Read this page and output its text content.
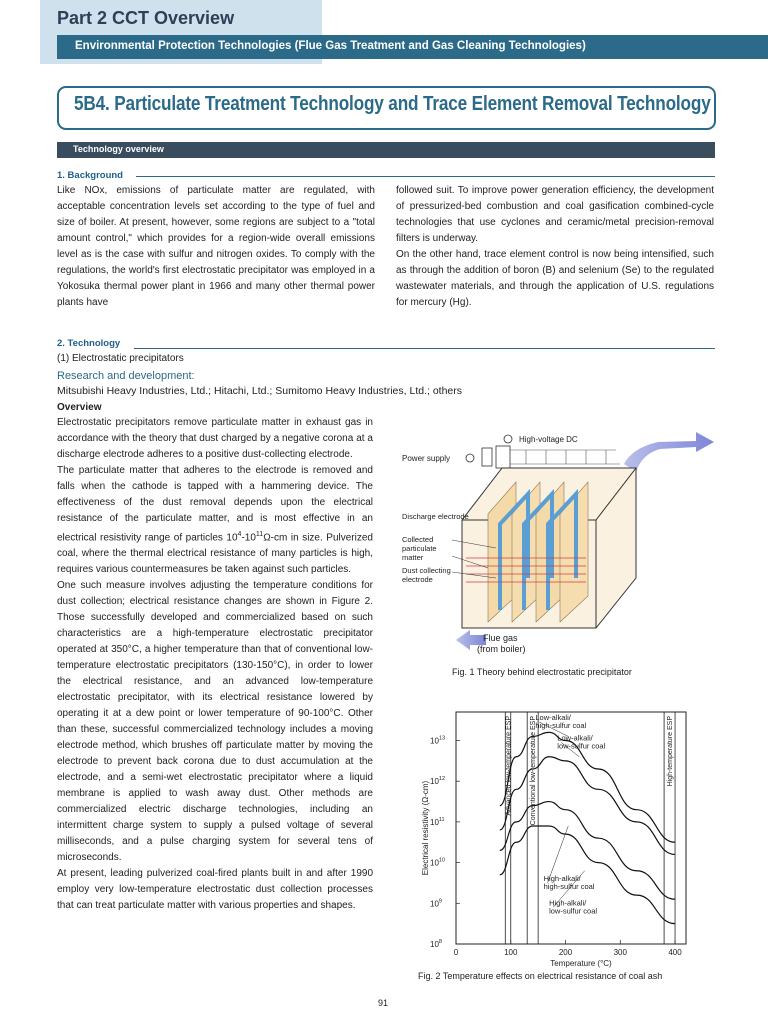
Part 2 CCT Overview
Environmental Protection Technologies (Flue Gas Treatment and Gas Cleaning Technologies)
5B4. Particulate Treatment Technology and Trace Element Removal Technology
Technology overview
1. Background

Like NOx, emissions of particulate matter are regulated, with acceptable concentration levels set according to the type of fuel and size of boiler. At present, however, some regions are subject to a "total amount control," which provides for a region-wide overall emissions level as is the case with sulfur and nitrogen oxides. To comply with the regulations, the world's first electrostatic precipitator was employed in a Yokosuka thermal power plant in 1966 and many other thermal power plants have

followed suit. To improve power generation efficiency, the development of pressurized-bed combustion and coal gasification combined-cycle technologies that use cyclones and ceramic/metal precision-removal filters is underway.

On the other hand, trace element control is now being intensified, such as through the addition of boron (B) and selenium (Se) to the regulated wastewater materials, and through the application of U.S. regulations for mercury (Hg).

2. Technology
(1) Electrostatic precipitators
Research and development:
Mitsubishi Heavy Industries, Ltd.; Hitachi, Ltd.; Sumitomo Heavy Industries, Ltd.; others
Overview

Electrostatic precipitators remove particulate matter in exhaust gas in accordance with the theory that dust charged by a negative corona at a discharge electrode adheres to a positive dust-collecting electrode.

The particulate matter that adheres to the electrode is removed and falls when the cathode is tapped with a hammering device. The effectiveness of the dust removal depends upon the electrical resistance of the particulate matter, and is most effective in an electrical resistivity range of particles $10^4-10^{11}\Omega-cm$ in size. Pulverized coal, where the thermal electrical resistance of many particles is high, requires various countermeasures be taken against such particles.

One such measure involves adjusting the temperature conditions for dust collection; electrical resistance changes are shown in Figure 2. Those successfully developed and commercialized based on such characteristics are a high-temperature electrostatic precipitator operated at 350°C, a higher temperature than that of conventional low-temperature electrostatic precipitators (130-150°C), in order to lower the electrical resistance, and an advanced low-temperature electrostatic precipitator, with its electrical resistance lowered by operating it at a dew point or lower temperature of 90-100°C. Other than these, successful commercialized technology includes a moving electrode method, which brushes off particulate matter by moving the electrode to prevent back corona due to dust accumulation at the electrode, and a semi-wet electrostatic precipitator where a liquid membrane is applied to wash away dust. Other methods are commercialized electric discharge technologies, including an intermittent charge system to supply a pulsed voltage of several milliseconds, and a pulse charging system for several tens of microseconds.

At present, leading pulverized coal-fired plants built in and after 1990 employ very low-temperature electrostatic dust collection processes that can treat particulate matter with various properties and shapes.

High-voltage DC
Power supply
Discharge electrode
Collected
particulate
matter
Dust collecting
electrode
Flue gas
(from boiler)
Fig. 1 Theory behind electrostatic precipitator
Advanced low-temperature ESP	Conventional low-temperature ESP	High-temperature ESP
$10^8$
$10^9$
$10^{10}$
$10^{11}$
$10^{12}$
$10^{13}$
0	100	200	300	400
Low-alkali/
high-sulfur coal
Low-alkali/
low-sulfur coal
High-alkali/
high-sulfur coal
High-alkali/
low-sulfur coal
Electrical resistivity (Ω-cm)
Temperature (°C)
Fig. 2 Temperature effects on electrical resistance of coal ash
91
